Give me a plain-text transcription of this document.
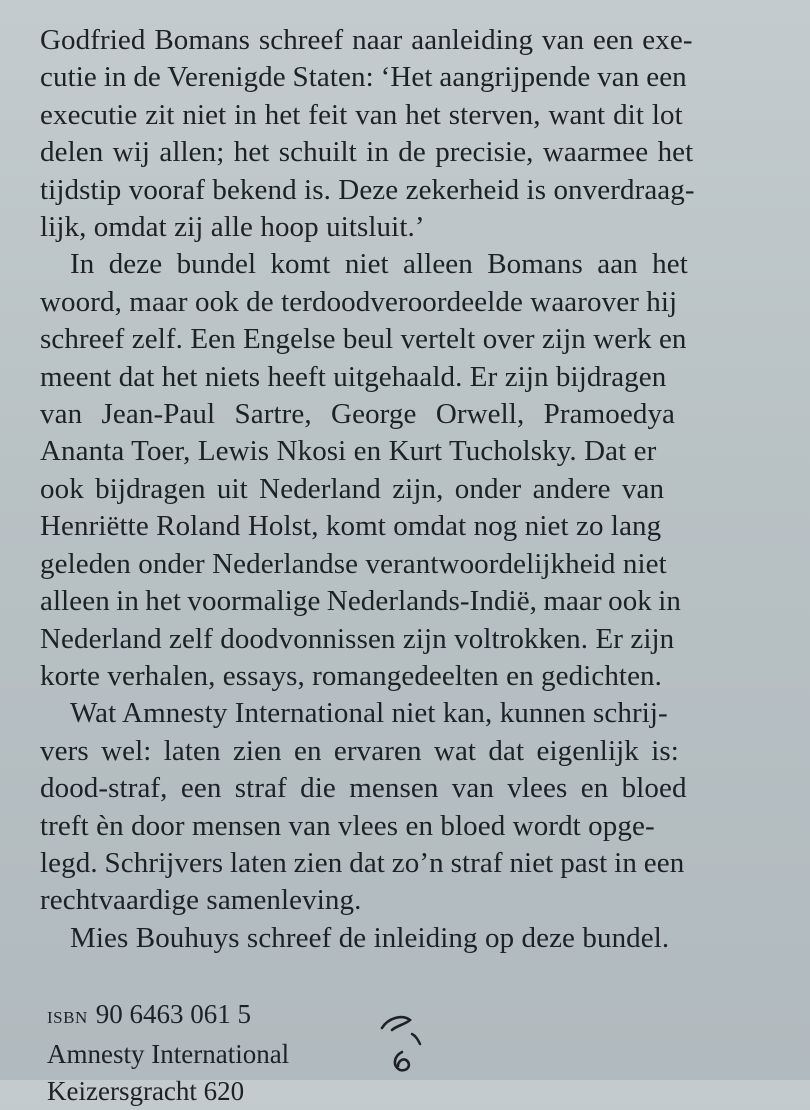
Godfried Bomans schreef naar aanleiding van een exe-
cutie in de Verenigde Staten: ‘Het aangrijpende van een
executie zit niet in het feit van het sterven, want dit lot
delen wij allen; het schuilt in de precisie, waarmee het
tijdstip vooraf bekend is. Deze zekerheid is onverdraag-
lijk, omdat zij alle hoop uitsluit.’
In deze bundel komt niet alleen Bomans aan het
woord, maar ook de terdoodveroordeelde waarover hij
schreef zelf. Een Engelse beul vertelt over zijn werk en
meent dat het niets heeft uitgehaald. Er zijn bijdragen
van Jean-Paul Sartre, George Orwell, Pramoedya
Ananta Toer, Lewis Nkosi en Kurt Tucholsky. Dat er
ook bijdragen uit Nederland zijn, onder andere van
Henriëtte Roland Holst, komt omdat nog niet zo lang
geleden onder Nederlandse verantwoordelijkheid niet
alleen in het voormalige Nederlands-Indië, maar ook in
Nederland zelf doodvonnissen zijn voltrokken. Er zijn
korte verhalen, essays, romangedeelten en gedichten.
Wat Amnesty International niet kan, kunnen schrij-
vers wel: laten zien en ervaren wat dat eigenlijk is:
dood-straf, een straf die mensen van vlees en bloed
treft èn door mensen van vlees en bloed wordt opge-
legd. Schrijvers laten zien dat zo’n straf niet past in een
rechtvaardige samenleving.
Mies Bouhuys schreef de inleiding op deze bundel.
ISBN 90 6463 061 5
Amnesty International
Keizersgracht 620
